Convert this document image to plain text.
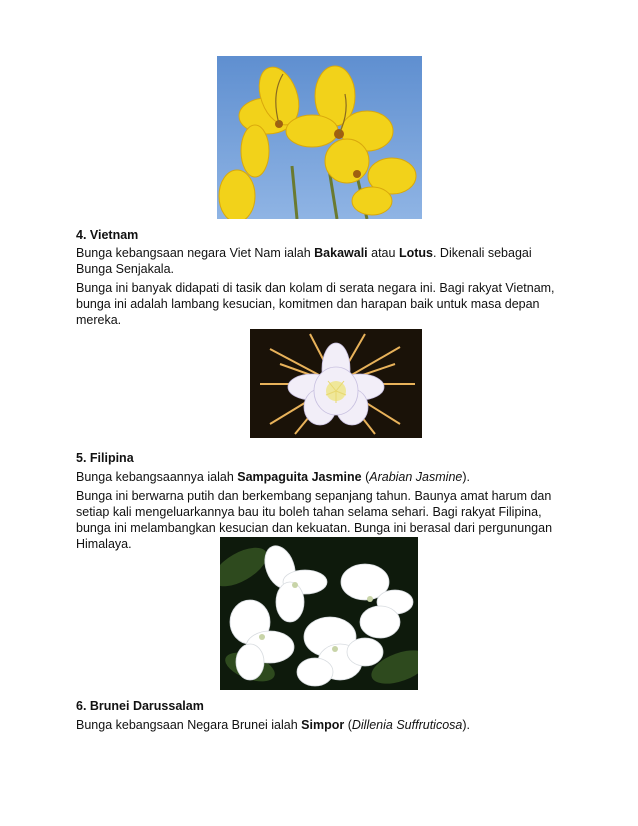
4. Vietnam

Bunga kebangsaan negara Viet Nam ialah Bakawali atau Lotus. Dikenali sebagai Bunga Senjakala.

Bunga ini banyak didapati di tasik dan kolam di serata negara ini. Bagi rakyat Vietnam, bunga ini adalah lambang kesucian, komitmen dan harapan baik untuk masa depan mereka.

5. Filipina

Bunga kebangsaannya ialah Sampaguita Jasmine (Arabian Jasmine).

Bunga ini berwarna putih dan berkembang sepanjang tahun. Baunya amat harum dan setiap kali mengeluarkannya bau itu boleh tahan selama sehari. Bagi rakyat Filipina, bunga ini melambangkan kesucian dan kekuatan. Bunga ini berasal dari pergunungan Himalaya.

6. Brunei Darussalam

Bunga kebangsaan Negara Brunei ialah Simpor (Dillenia Suffruticosa).
